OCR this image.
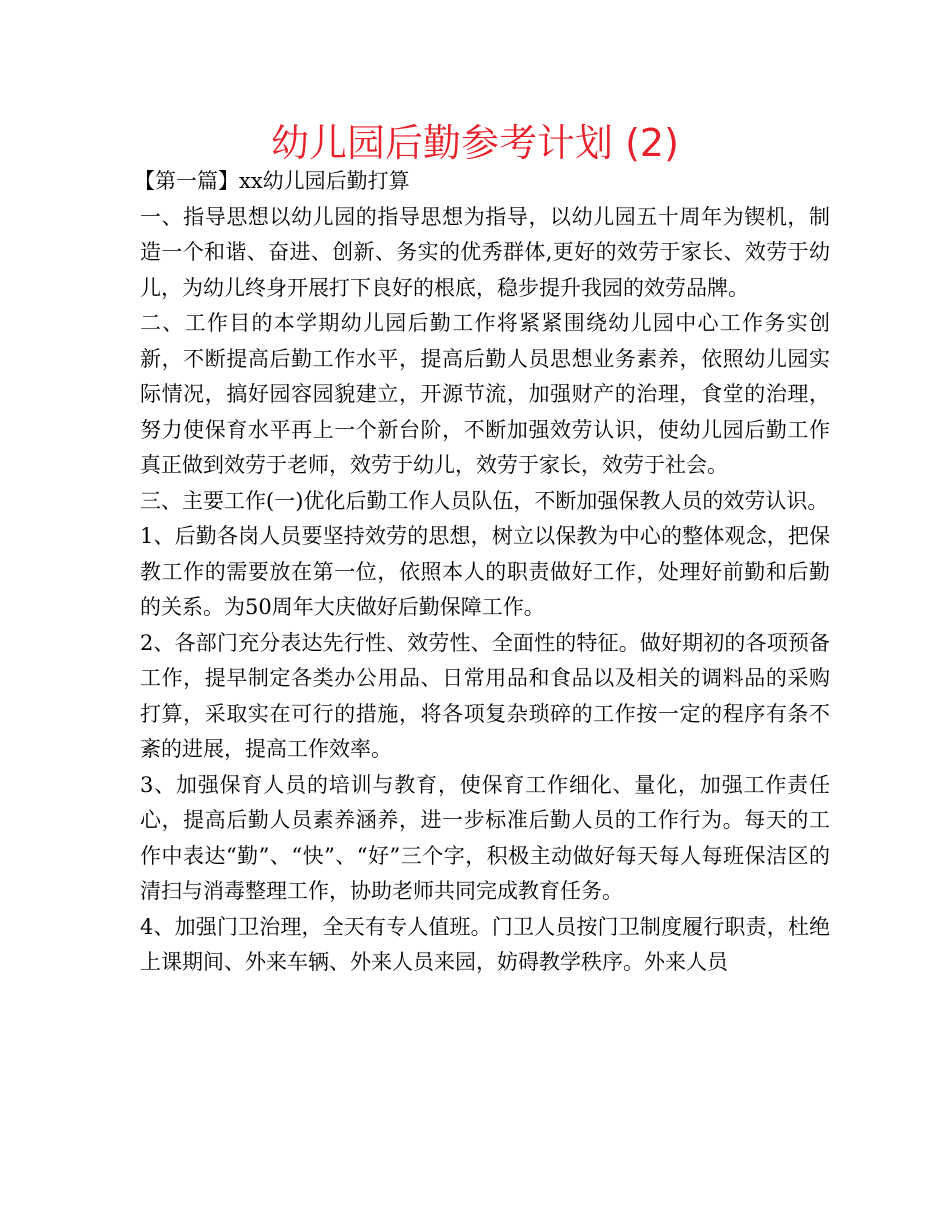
幼儿园后勤参考计划 (2)

【第一篇】xx幼儿园后勤打算

一、指导思想以幼儿园的指导思想为指导，以幼儿园五十周年为锲机，制造一个和谐、奋进、创新、务实的优秀群体,更好的效劳于家长、效劳于幼儿，为幼儿终身开展打下良好的根底，稳步提升我园的效劳品牌。

二、工作目的本学期幼儿园后勤工作将紧紧围绕幼儿园中心工作务实创新，不断提高后勤工作水平，提高后勤人员思想业务素养，依照幼儿园实际情况，搞好园容园貌建立，开源节流，加强财产的治理，食堂的治理，努力使保育水平再上一个新台阶，不断加强效劳认识，使幼儿园后勤工作真正做到效劳于老师，效劳于幼儿，效劳于家长，效劳于社会。

三、主要工作(一)优化后勤工作人员队伍，不断加强保教人员的效劳认识。

1、后勤各岗人员要坚持效劳的思想，树立以保教为中心的整体观念，把保教工作的需要放在第一位，依照本人的职责做好工作，处理好前勤和后勤的关系。为50周年大庆做好后勤保障工作。

2、各部门充分表达先行性、效劳性、全面性的特征。做好期初的各项预备工作，提早制定各类办公用品、日常用品和食品以及相关的调料品的采购打算，采取实在可行的措施，将各项复杂琐碎的工作按一定的程序有条不紊的进展，提高工作效率。

3、加强保育人员的培训与教育，使保育工作细化、量化，加强工作责任心，提高后勤人员素养涵养，进一步标准后勤人员的工作行为。每天的工作中表达“勤”、“快”、“好”三个字，积极主动做好每天每人每班保洁区的清扫与消毒整理工作，协助老师共同完成教育任务。

4、加强门卫治理，全天有专人值班。门卫人员按门卫制度履行职责，杜绝上课期间、外来车辆、外来人员来园，妨碍教学秩序。外来人员
